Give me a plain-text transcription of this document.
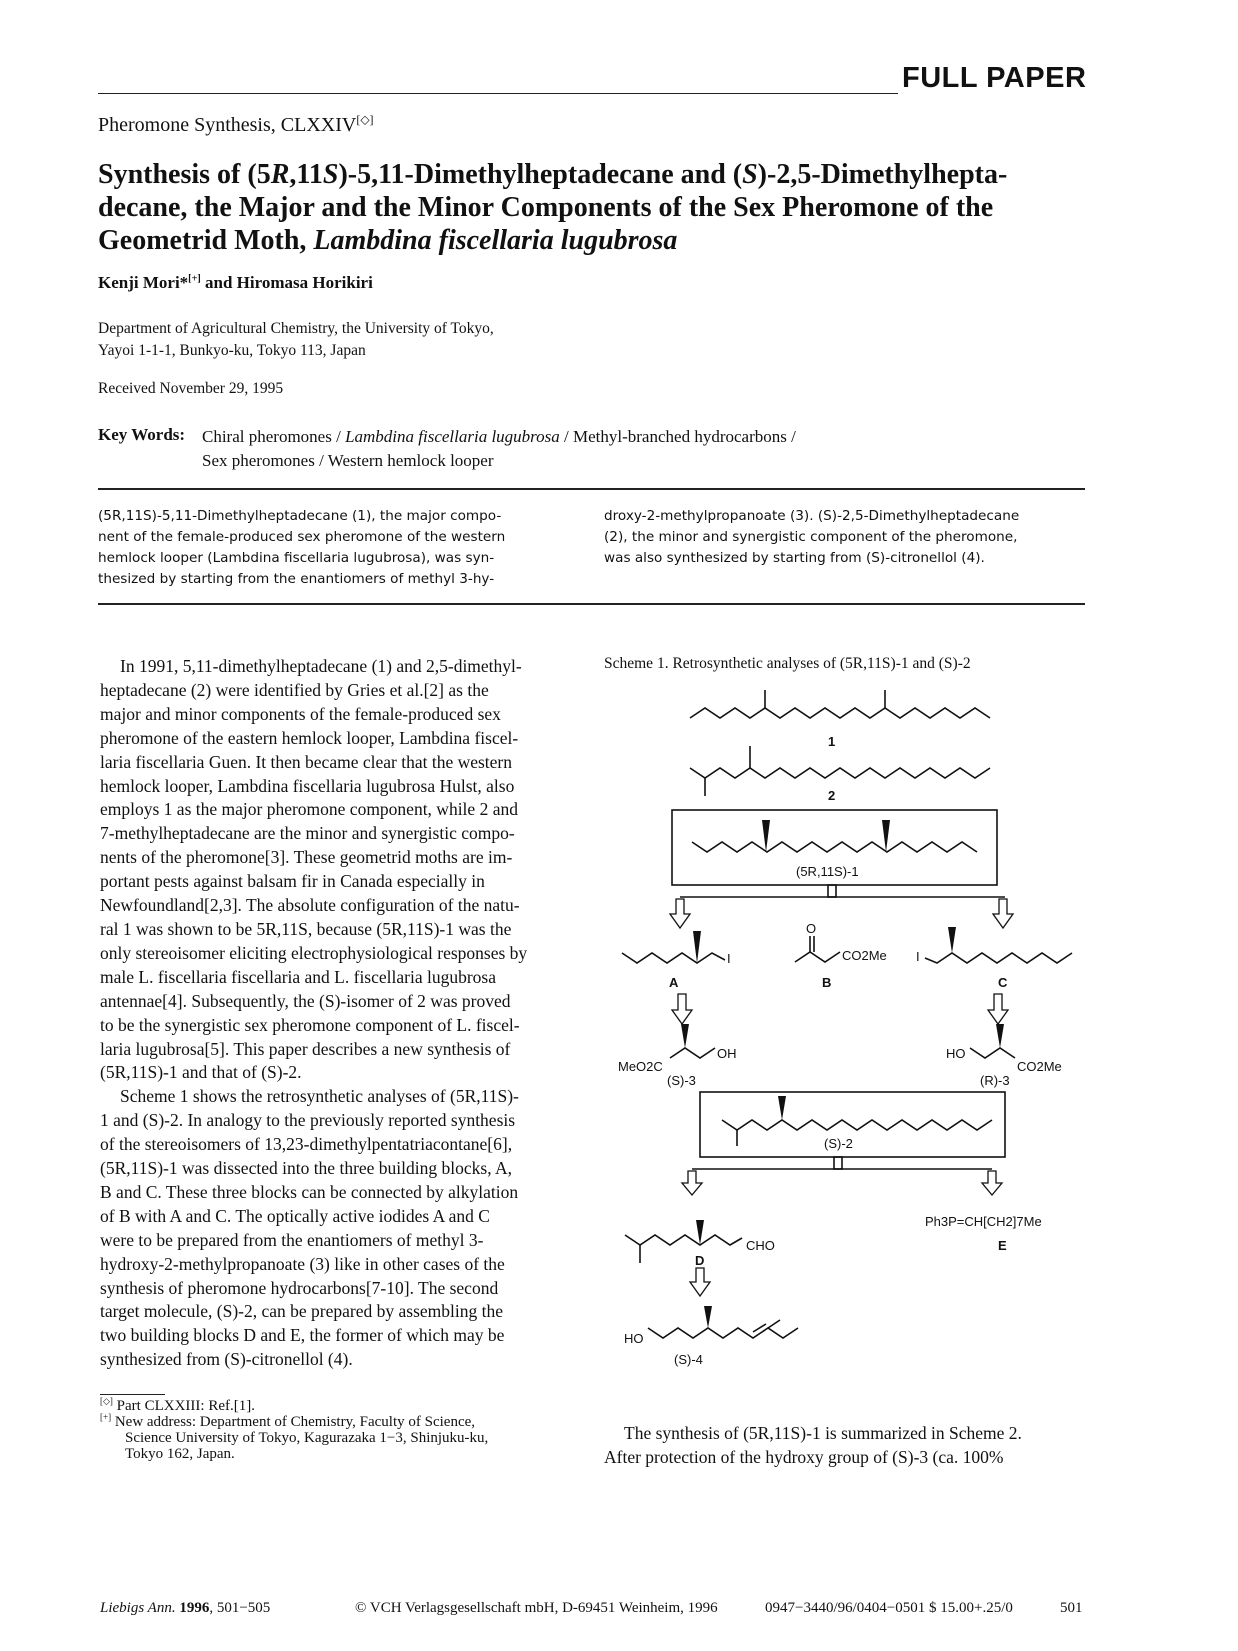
FULL PAPER
Pheromone Synthesis, CLXXIV[◇]
Synthesis of (5R,11S)-5,11-Dimethylheptadecane and (S)-2,5-Dimethylhepta-
decane, the Major and the Minor Components of the Sex Pheromone of the
Geometrid Moth, Lambdina fiscellaria lugubrosa
Kenji Mori*[+] and Hiromasa Horikiri
Department of Agricultural Chemistry, the University of Tokyo,
Yayoi 1-1-1, Bunkyo-ku, Tokyo 113, Japan
Received November 29, 1995
Key Words: Chiral pheromones / Lambdina fiscellaria lugubrosa / Methyl-branched hydrocarbons /
Sex pheromones / Western hemlock looper
(5R,11S)-5,11-Dimethylheptadecane (1), the major compo-
nent of the female-produced sex pheromone of the western
hemlock looper (Lambdina fiscellaria lugubrosa), was syn-
thesized by starting from the enantiomers of methyl 3-hy-
droxy-2-methylpropanoate (3). (S)-2,5-Dimethylheptadecane
(2), the minor and synergistic component of the pheromone,
was also synthesized by starting from (S)-citronellol (4).
In 1991, 5,11-dimethylheptadecane (1) and 2,5-dimethyl-
heptadecane (2) were identified by Gries et al.[2] as the
major and minor components of the female-produced sex
pheromone of the eastern hemlock looper, Lambdina fiscel-
laria fiscellaria Guen. It then became clear that the western
hemlock looper, Lambdina fiscellaria lugubrosa Hulst, also
employs 1 as the major pheromone component, while 2 and
7-methylheptadecane are the minor and synergistic compo-
nents of the pheromone[3]. These geometrid moths are im-
portant pests against balsam fir in Canada especially in
Newfoundland[2,3]. The absolute configuration of the natu-
ral 1 was shown to be 5R,11S, because (5R,11S)-1 was the
only stereoisomer eliciting electrophysiological responses by
male L. fiscellaria fiscellaria and L. fiscellaria lugubrosa
antennae[4]. Subsequently, the (S)-isomer of 2 was proved
to be the synergistic sex pheromone component of L. fiscel-
laria lugubrosa[5]. This paper describes a new synthesis of
(5R,11S)-1 and that of (S)-2.
Scheme 1 shows the retrosynthetic analyses of (5R,11S)-
1 and (S)-2. In analogy to the previously reported synthesis
of the stereoisomers of 13,23-dimethylpentatriacontane[6],
(5R,11S)-1 was dissected into the three building blocks, A,
B and C. These three blocks can be connected by alkylation
of B with A and C. The optically active iodides A and C
were to be prepared from the enantiomers of methyl 3-
hydroxy-2-methylpropanoate (3) like in other cases of the
synthesis of pheromone hydrocarbons[7-10]. The second
target molecule, (S)-2, can be prepared by assembling the
two building blocks D and E, the former of which may be
synthesized from (S)-citronellol (4).
Scheme 1. Retrosynthetic analyses of (5R,11S)-1 and (S)-2
1
2
(5R,11S)-1
I
A
O
CO2Me
B
I
C
MeO2C
OH
(S)-3
HO
CO2Me
(R)-3
(S)-2
CHO
D
Ph3P=CH[CH2]7Me
E
HO
(S)-4
[◇] Part CLXXIII: Ref.[1].
[+] New address: Department of Chemistry, Faculty of Science,
Science University of Tokyo, Kagurazaka 1−3, Shinjuku-ku,
Tokyo 162, Japan.
The synthesis of (5R,11S)-1 is summarized in Scheme 2.
After protection of the hydroxy group of (S)-3 (ca. 100%
Liebigs Ann. 1996, 501−505	© VCH Verlagsgesellschaft mbH, D-69451 Weinheim, 1996	0947−3440/96/0404−0501 $ 15.00+.25/0	501
